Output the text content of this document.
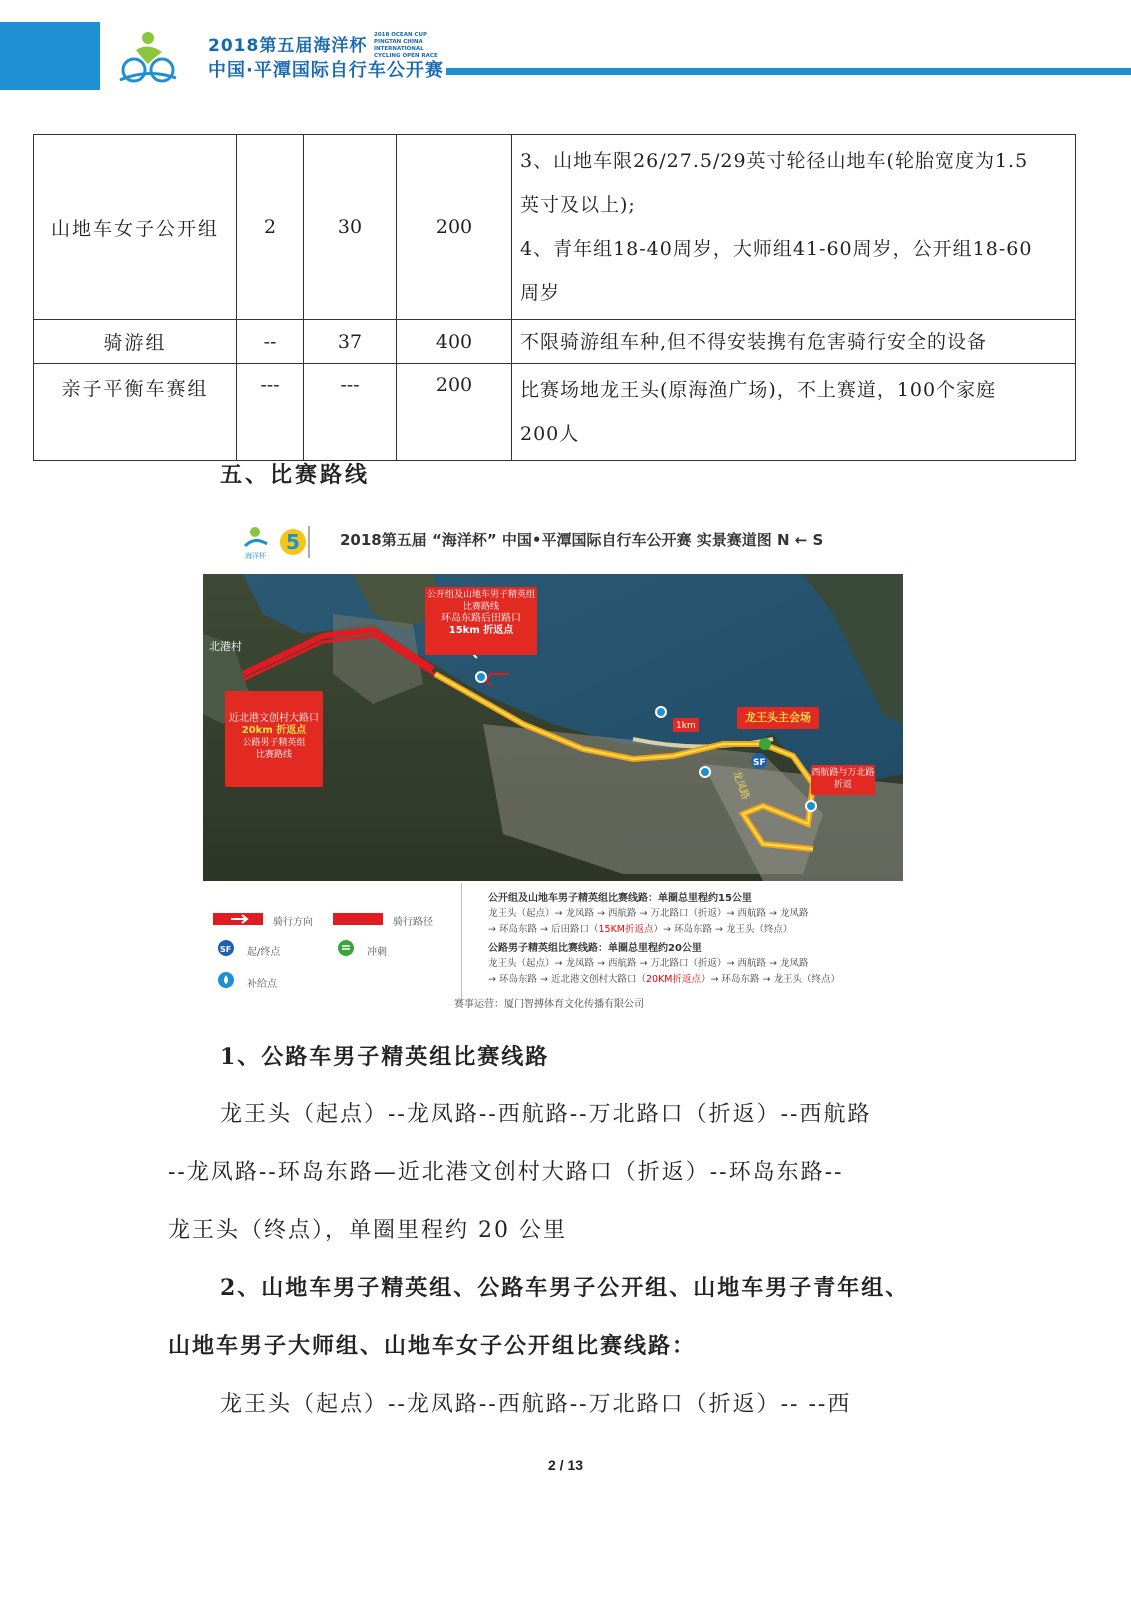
2018第五届海洋杯
2018 OCEAN CUP
PINGTAN CHINA INTERNATIONAL
CYCLING OPEN RACE
中国·平潭国际自行车公开赛
山地车女子公开组	2	30	200	3、山地车限26/27.5/29英寸轮径山地车(轮胎宽度为1.5
英寸及以上);
4、青年组18-40周岁，大师组41-60周岁，公开组18-60
周岁

骑游组	--	37	400	不限骑游组车种,但不得安装携有危害骑行安全的设备

亲子平衡车赛组	---	---	200	比赛场地龙王头(原海渔广场)，不上赛道，100个家庭
200人
五、比赛路线
海洋杯
5	2018第五届 “海洋杯” 中国•平潭国际自行车公开赛 实景赛道图 N ← S
SF
1km
北港村
龙凤路
公开组及山地车男子精英组
比赛路线
环岛东路后田路口
15km 折返点
近北港文创村大路口
20km 折返点
公路男子精英组
比赛路线
龙王头主会场
西航路与万北路
折返
骑行方向	骑行路径
SF 起/终点	冲刺
补给点
公开组及山地车男子精英组比赛线路：单圈总里程约15公里
龙王头（起点）→ 龙凤路 → 西航路 → 万北路口（折返）→ 西航路 → 龙凤路
→ 环岛东路 → 后田路口（15KM折返点）→ 环岛东路 → 龙王头（终点）
公路男子精英组比赛线路：单圈总里程约20公里
龙王头（起点）→ 龙凤路 → 西航路 → 万北路口（折返）→ 西航路 → 龙凤路
→ 环岛东路 → 近北港文创村大路口（20KM折返点）→ 环岛东路 → 龙王头（终点）
赛事运营：厦门智搏体育文化传播有限公司
1、公路车男子精英组比赛线路
龙王头（起点）--龙凤路--西航路--万北路口（折返）--西航路
--龙凤路--环岛东路—近北港文创村大路口（折返）--环岛东路--
龙王头（终点），单圈里程约 20 公里
2、山地车男子精英组、公路车男子公开组、山地车男子青年组、
山地车男子大师组、山地车女子公开组比赛线路：
龙王头（起点）--龙凤路--西航路--万北路口（折返）-- --西
2 / 13
